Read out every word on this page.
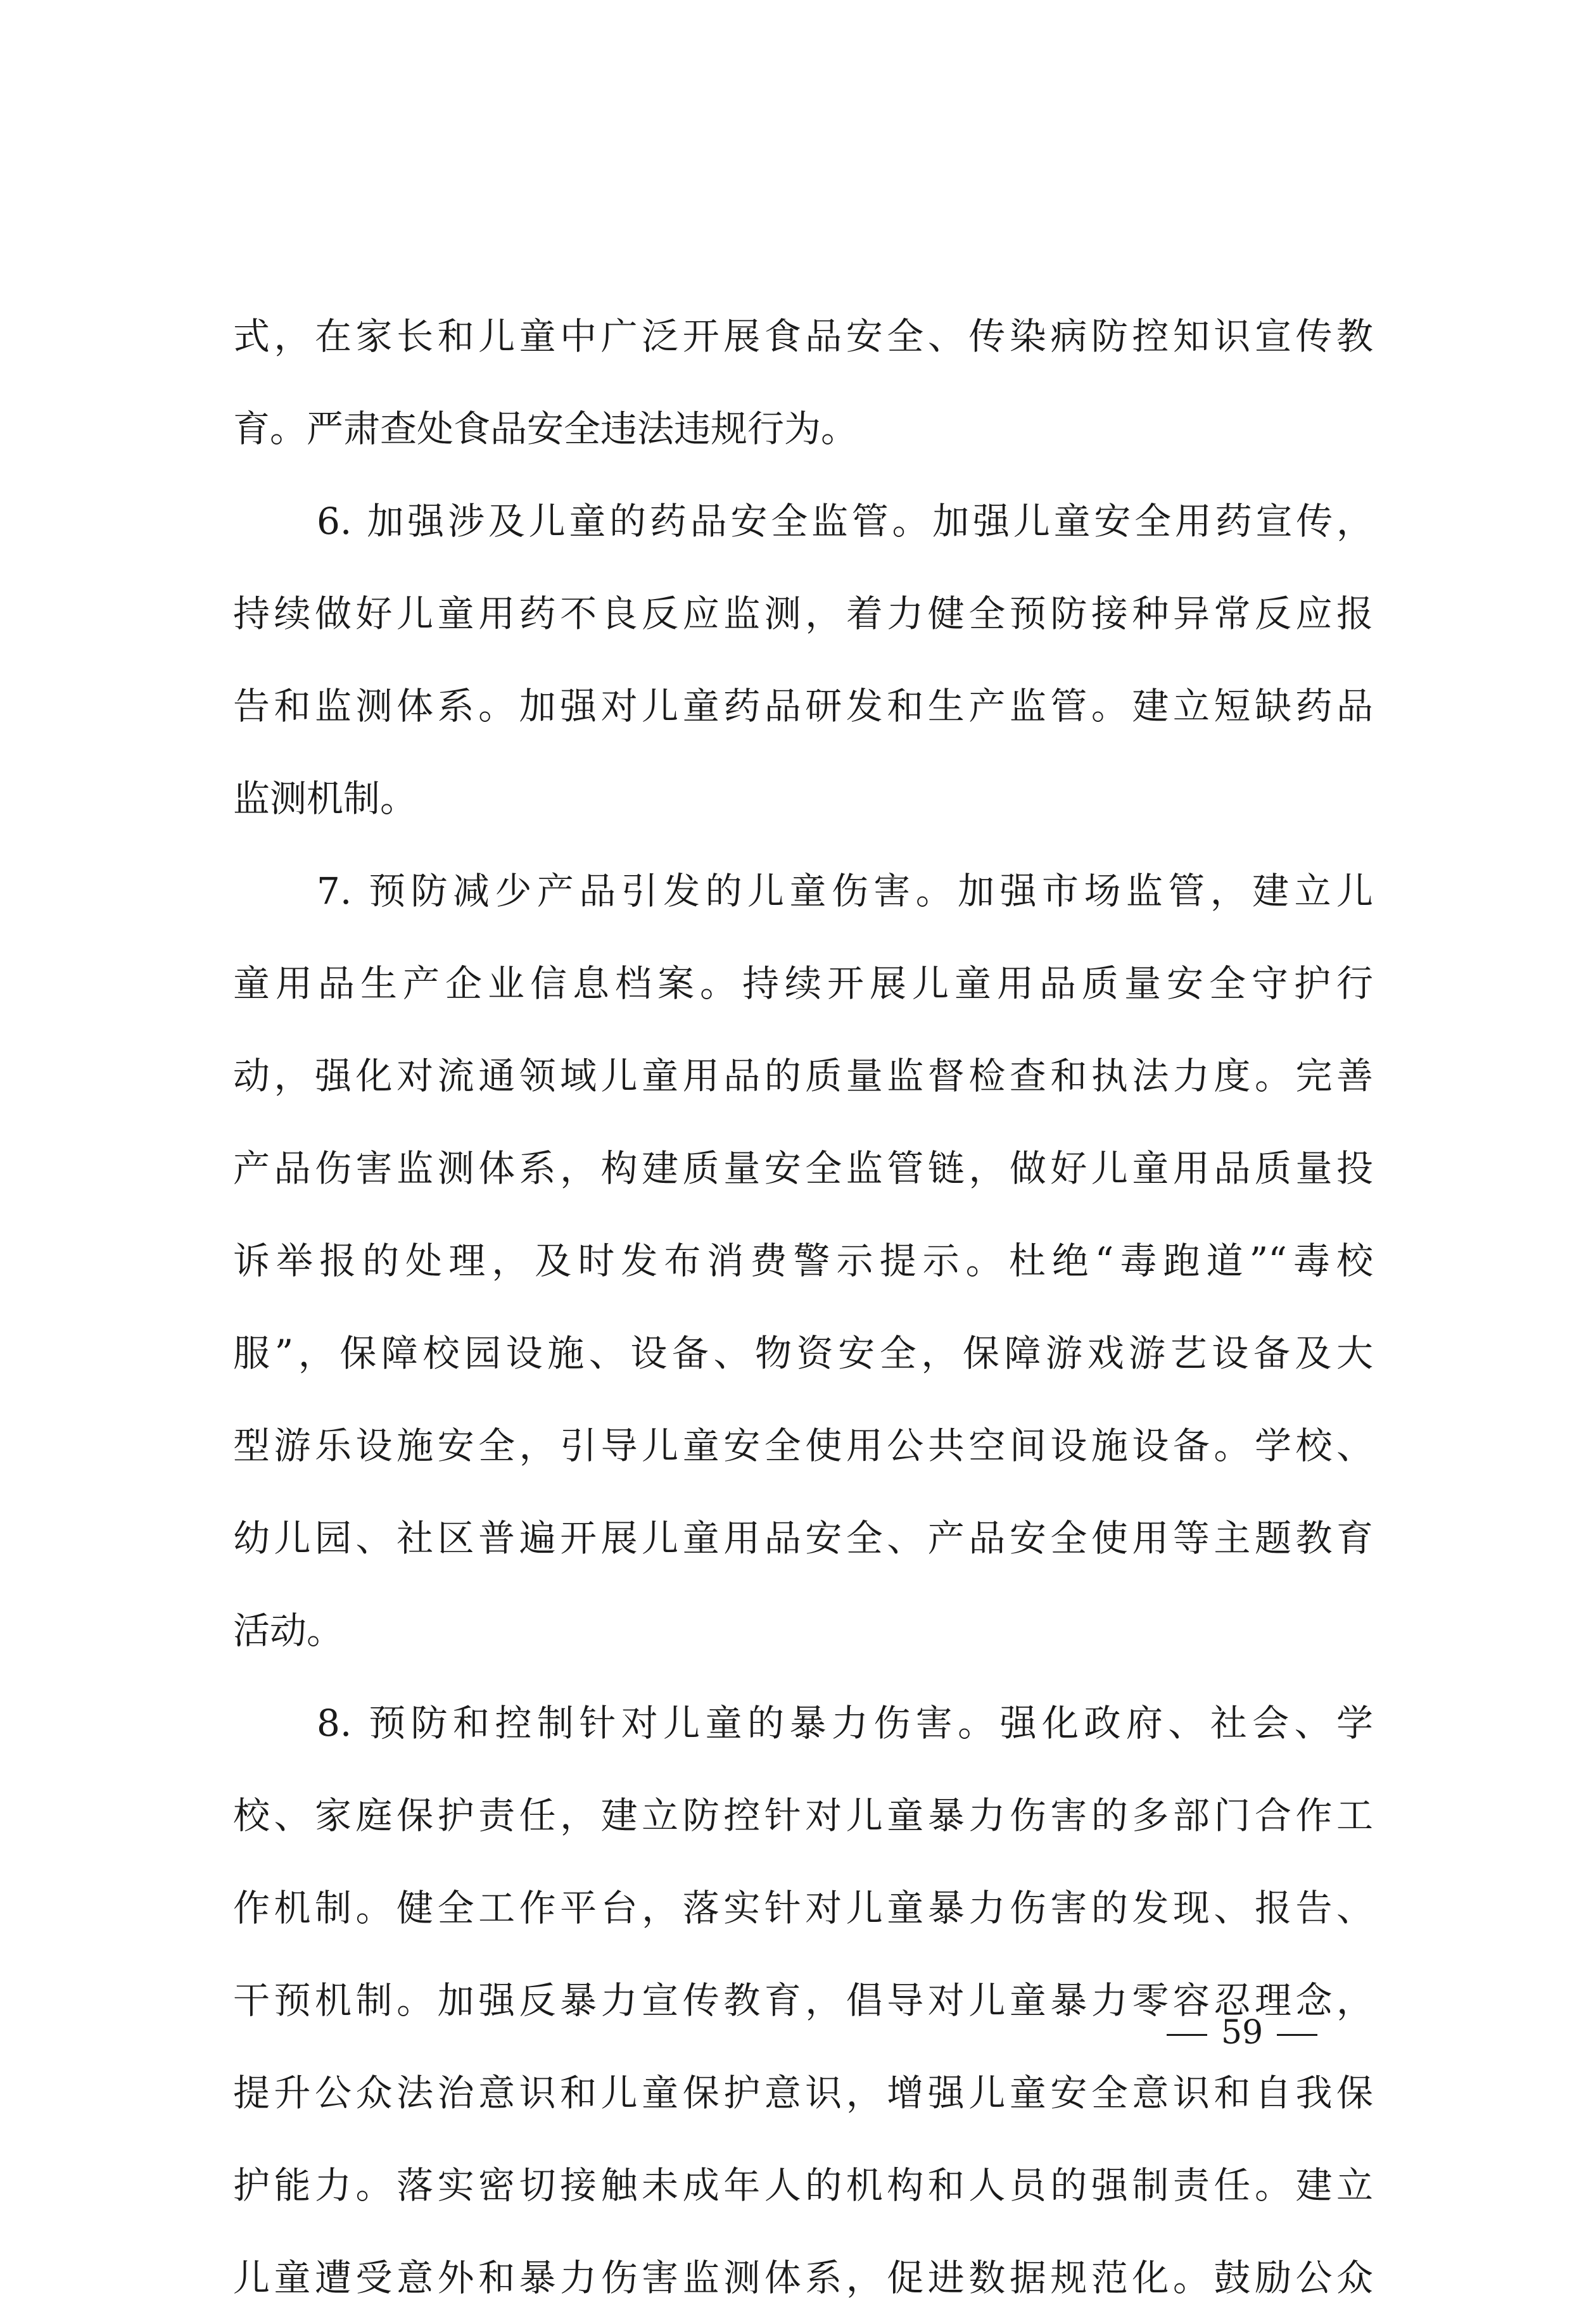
式，在家长和儿童中广泛开展食品安全、传染病防控知识宣传教
育。严肃查处食品安全违法违规行为。
6. 加强涉及儿童的药品安全监管。加强儿童安全用药宣传，
持续做好儿童用药不良反应监测，着力健全预防接种异常反应报
告和监测体系。加强对儿童药品研发和生产监管。建立短缺药品
监测机制。
7. 预防减少产品引发的儿童伤害。加强市场监管，建立儿
童用品生产企业信息档案。持续开展儿童用品质量安全守护行
动，强化对流通领域儿童用品的质量监督检查和执法力度。完善
产品伤害监测体系，构建质量安全监管链，做好儿童用品质量投
诉举报的处理，及时发布消费警示提示。杜绝“毒跑道”“毒校
服”，保障校园设施、设备、物资安全，保障游戏游艺设备及大
型游乐设施安全，引导儿童安全使用公共空间设施设备。学校、
幼儿园、社区普遍开展儿童用品安全、产品安全使用等主题教育
活动。
8. 预防和控制针对儿童的暴力伤害。强化政府、社会、学
校、家庭保护责任，建立防控针对儿童暴力伤害的多部门合作工
作机制。健全工作平台，落实针对儿童暴力伤害的发现、报告、
干预机制。加强反暴力宣传教育，倡导对儿童暴力零容忍理念，
提升公众法治意识和儿童保护意识，增强儿童安全意识和自我保
护能力。落实密切接触未成年人的机构和人员的强制责任。建立
儿童遭受意外和暴力伤害监测体系，促进数据规范化。鼓励公众
59
